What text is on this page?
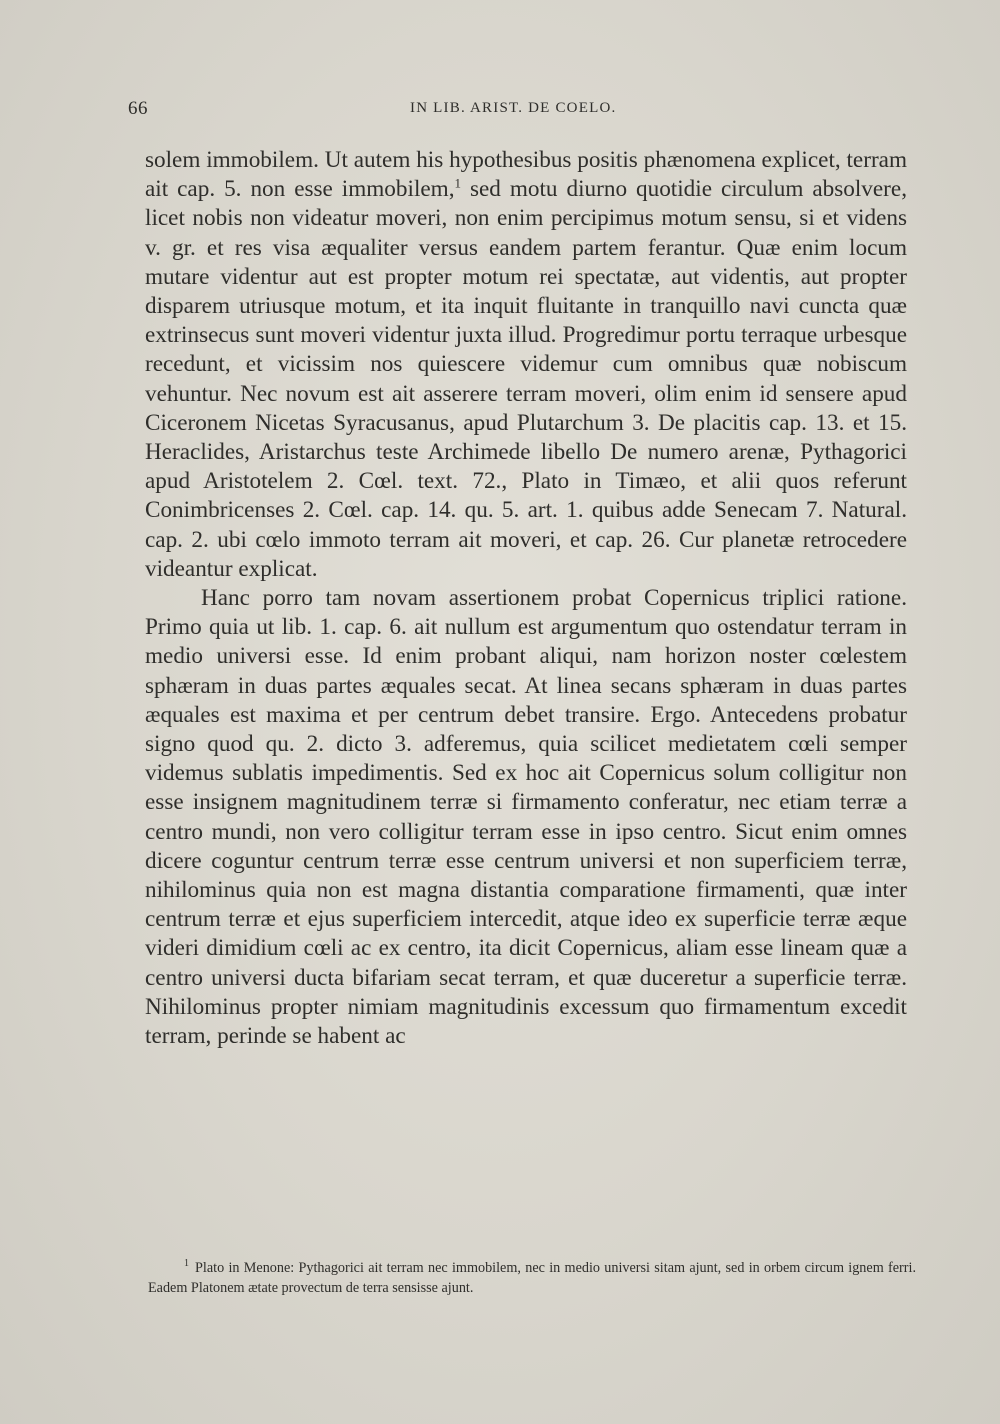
66	IN LIB. ARIST. DE COELO.

solem immobilem. Ut autem his hypothesibus positis phænomena explicet, terram ait cap. 5. non esse immobilem,$^1$ sed motu diurno quotidie circulum absolvere, licet nobis non videatur moveri, non enim percipimus motum sensu, si et videns v. gr. et res visa æqualiter versus eandem partem ferantur. Quæ enim locum mutare videntur aut est propter motum rei spectatæ, aut videntis, aut propter disparem utriusque motum, et ita inquit fluitante in tranquillo navi cuncta quæ extrinsecus sunt moveri videntur juxta illud. Progredimur portu terraque urbesque recedunt, et vicissim nos quiescere videmur cum omnibus quæ nobiscum vehuntur. Nec novum est ait asserere terram moveri, olim enim id sensere apud Ciceronem Nicetas Syracusanus, apud Plutarchum 3. De placitis cap. 13. et 15. Heraclides, Aristarchus teste Archimede libello De numero arenæ, Pythagorici apud Aristotelem 2. Cœl. text. 72., Plato in Timæo, et alii quos referunt Conimbricenses 2. Cœl. cap. 14. qu. 5. art. 1. quibus adde Senecam 7. Natural. cap. 2. ubi cœlo immoto terram ait moveri, et cap. 26. Cur planetæ retrocedere videantur explicat.

Hanc porro tam novam assertionem probat Copernicus triplici ratione. Primo quia ut lib. 1. cap. 6. ait nullum est argumentum quo ostendatur terram in medio universi esse. Id enim probant aliqui, nam horizon noster cœlestem sphæram in duas partes æquales secat. At linea secans sphæram in duas partes æquales est maxima et per centrum debet transire. Ergo. Antecedens probatur signo quod qu. 2. dicto 3. adferemus, quia scilicet medietatem cœli semper videmus sublatis impedimentis. Sed ex hoc ait Copernicus solum colligitur non esse insignem magnitudinem terræ si firmamento conferatur, nec etiam terræ a centro mundi, non vero colligitur terram esse in ipso centro. Sicut enim omnes dicere coguntur centrum terræ esse centrum universi et non superficiem terræ, nihilominus quia non est magna distantia comparatione firmamenti, quæ inter centrum terræ et ejus superficiem intercedit, atque ideo ex superficie terræ æque videri dimidium cœli ac ex centro, ita dicit Copernicus, aliam esse lineam quæ a centro universi ducta bifariam secat terram, et quæ duceretur a superficie terræ. Nihilominus propter nimiam magnitudinis excessum quo firmamentum excedit terram, perinde se habent ac

$^1$ Plato in Menone: Pythagorici ait terram nec immobilem, nec in medio universi sitam ajunt, sed in orbem circum ignem ferri. Eadem Platonem ætate provectum de terra sensisse ajunt.
